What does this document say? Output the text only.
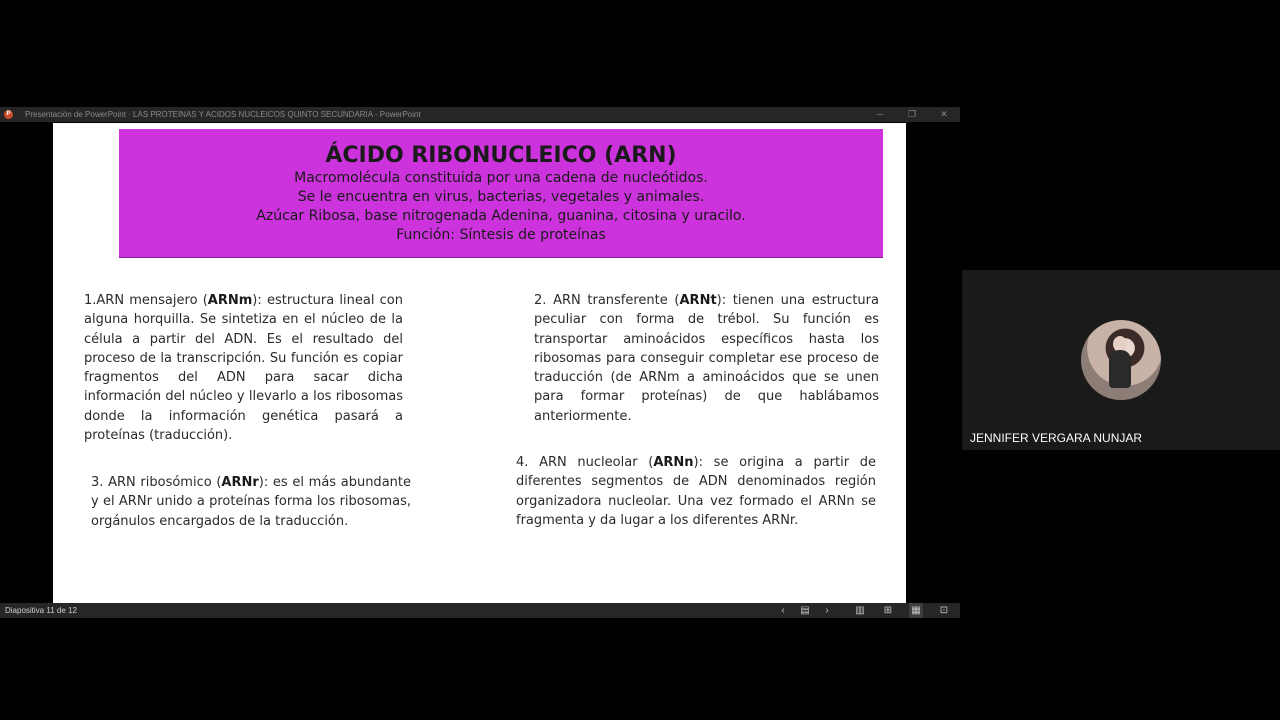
P	Presentación de PowerPoint · LAS PROTEINAS Y ACIDOS NUCLEICOS QUINTO SECUNDARIA - PowerPoint	─	❐	✕
ÁCIDO RIBONUCLEICO (ARN)
Macromolécula constituida por una cadena de nucleótidos.
Se le encuentra en virus, bacterias, vegetales y animales.
Azúcar Ribosa, base nitrogenada Adenina, guanina, citosina y uracilo.
Función: Síntesis de proteínas
1.ARN mensajero (ARNm): estructura lineal con alguna horquilla. Se sintetiza en el núcleo de la célula a partir del ADN. Es el resultado del proceso de la transcripción. Su función es copiar fragmentos del ADN para sacar dicha información del núcleo y llevarlo a los ribosomas donde la información genética pasará a proteínas (traducción).
2. ARN transferente (ARNt): tienen una estructura peculiar con forma de trébol. Su función es transportar aminoácidos específicos hasta los ribosomas para conseguir completar ese proceso de traducción (de ARNm a aminoácidos que se unen para formar proteínas) de que hablábamos anteriormente.
3. ARN ribosómico (ARNr): es el más abundante y el ARNr unido a proteínas forma los ribosomas, orgánulos encargados de la traducción.
4. ARN nucleolar (ARNn): se origina a partir de diferentes segmentos de ADN denominados región organizadora nucleolar. Una vez formado el ARNn se fragmenta y da lugar a los diferentes ARNr.
Diapositiva 11 de 12	‹	▤	›	▥ ⊞ ▦ ⊡
JENNIFER VERGARA NUNJAR
